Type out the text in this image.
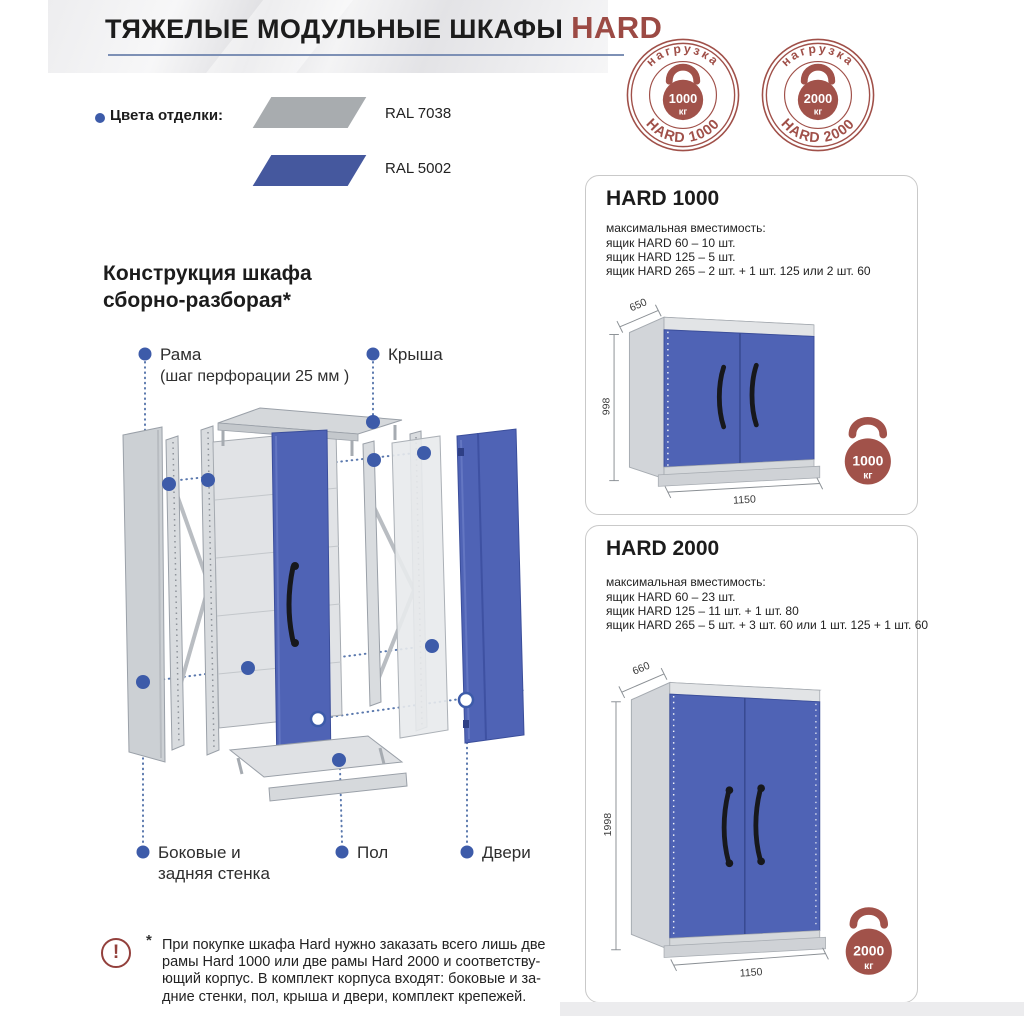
ТЯЖЕЛЫЕ МОДУЛЬНЫЕ ШКАФЫ HARD
нагрузка
HARD 1000
1000
кг
нагрузка
HARD 2000
2000
кг
Цвета отделки:	RAL 7038
RAL 5002
Конструкция шкафа
сборно-разборая*
Рама
(шаг перфорации 25 мм )
Крыша
Боковые и
задняя стенка
Пол	Двери
HARD 1000
максимальная вместимость:
ящик HARD 60 – 10 шт.
ящик HARD 125 – 5 шт.
ящик HARD 265 – 2 шт. + 1 шт. 125 или 2 шт. 60
650
998
1150
1000
кг
HARD 2000
максимальная вместимость:
ящик HARD 60 – 23 шт.
ящик HARD 125 – 11 шт. + 1 шт. 80
ящик HARD 265 – 5 шт. + 3 шт. 60 или 1 шт. 125 + 1 шт. 60
660
1998
1150
2000
кг
!
* При покупке шкафа Hard нужно заказать всего лишь две
рамы Hard 1000 или две рамы Hard 2000 и соответству-
ющий корпус. В комплект корпуса входят: боковые и за-
дние стенки, пол, крыша и двери, комплект крепежей.
